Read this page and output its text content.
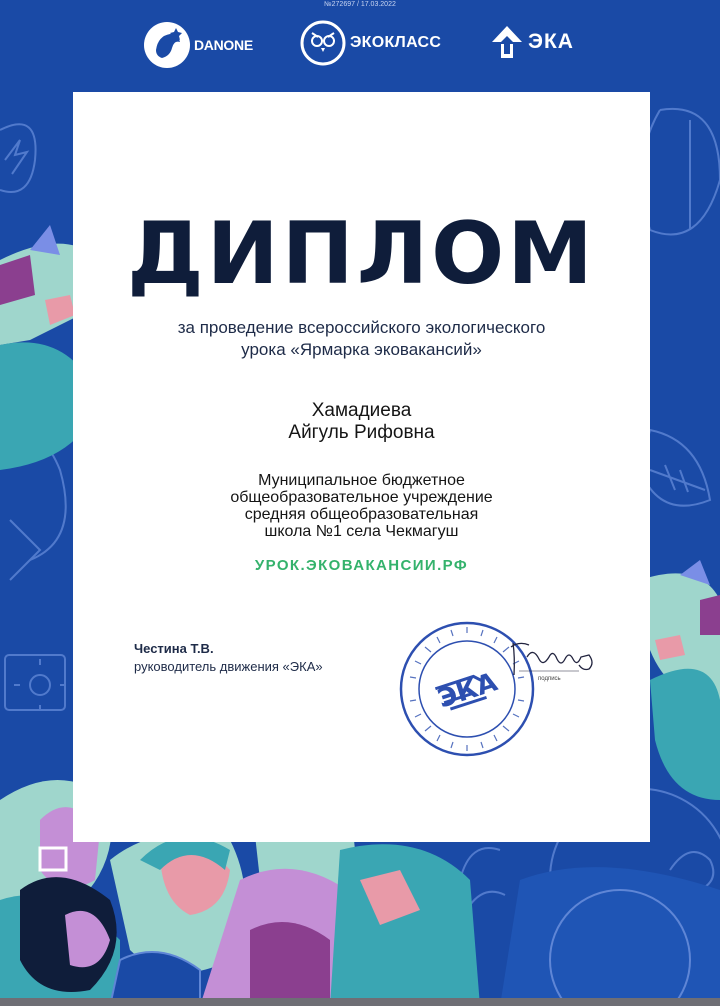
№272697 / 17.03.2022
DANONE	ЭКОКЛАСС	ЭКА
ДИПЛОМ
за проведение всероссийского экологического
урока «Ярмарка эковакансий»
Хамадиева
Айгуль Рифовна
Муниципальное бюджетное
общеобразовательное учреждение
средняя общеобразовательная
школа №1 села Чекмагуш
УРОК.ЭКОВАКАНСИИ.РФ
Честина Т.В.
руководитель движения «ЭКА»
ЭКА	подпись
